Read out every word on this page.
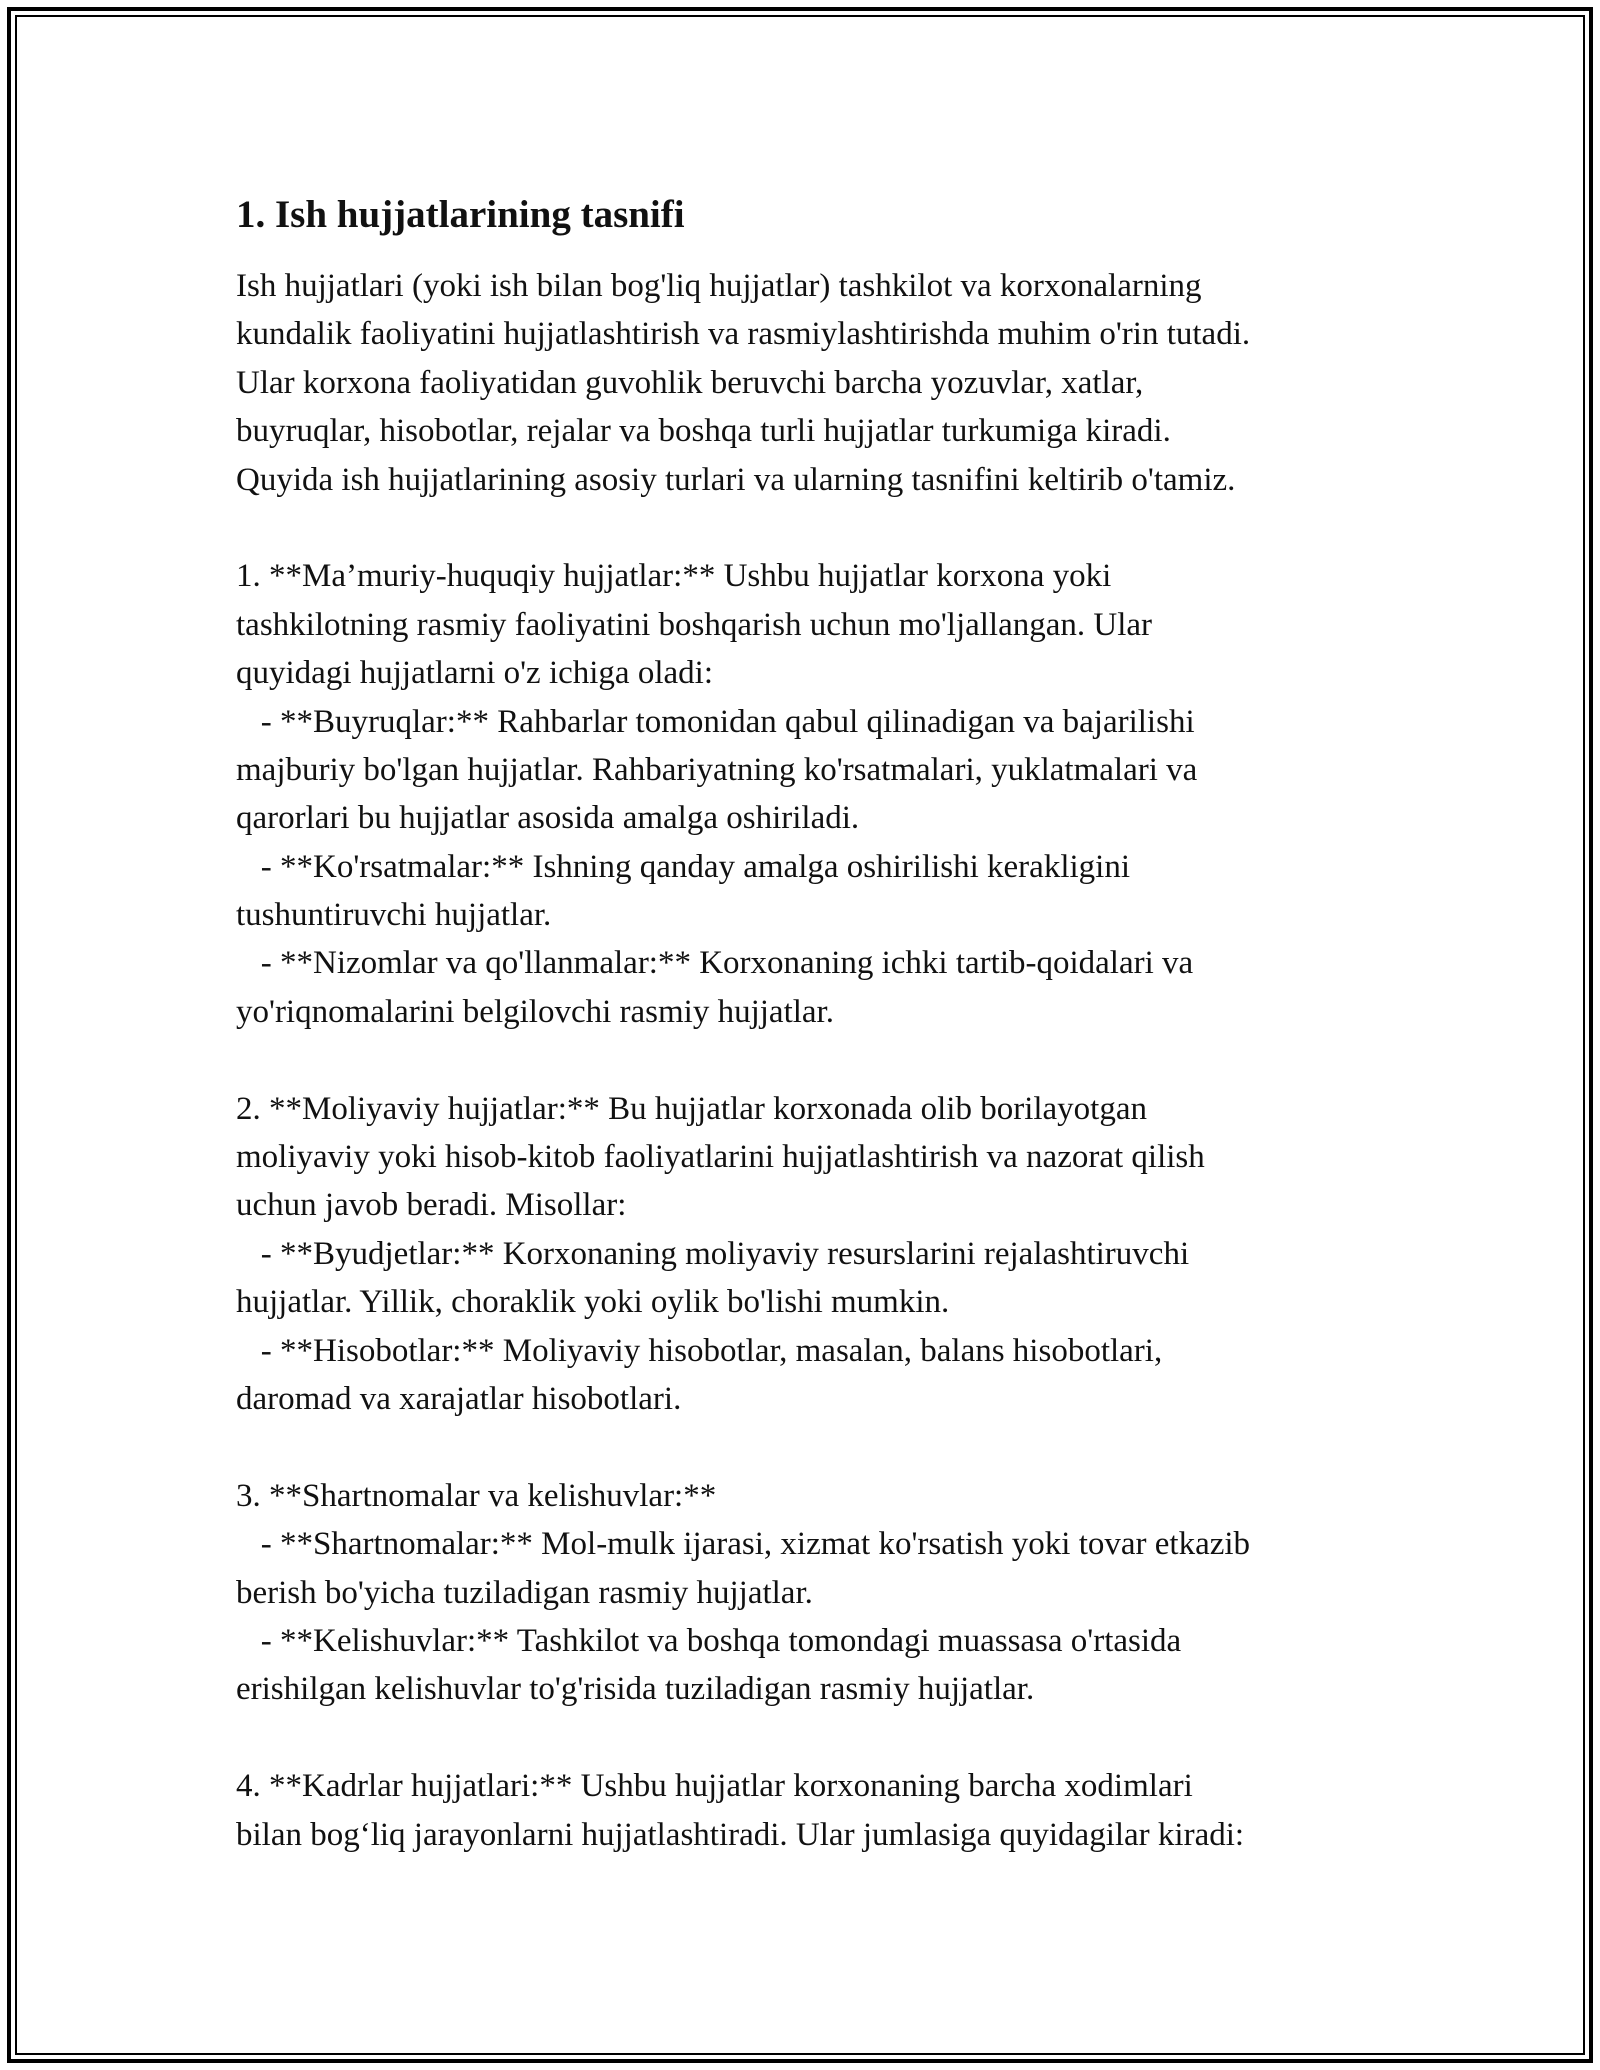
1. Ish hujjatlarining tasnifi
Ish hujjatlari (yoki ish bilan bog'liq hujjatlar) tashkilot va korxonalarning
kundalik faoliyatini hujjatlashtirish va rasmiylashtirishda muhim o'rin tutadi.
Ular korxona faoliyatidan guvohlik beruvchi barcha yozuvlar, xatlar,
buyruqlar, hisobotlar, rejalar va boshqa turli hujjatlar turkumiga kiradi.
Quyida ish hujjatlarining asosiy turlari va ularning tasnifini keltirib o'tamiz.
1. **Ma’muriy-huquqiy hujjatlar:** Ushbu hujjatlar korxona yoki
tashkilotning rasmiy faoliyatini boshqarish uchun mo'ljallangan. Ular
quyidagi hujjatlarni o'z ichiga oladi:
- **Buyruqlar:** Rahbarlar tomonidan qabul qilinadigan va bajarilishi
majburiy bo'lgan hujjatlar. Rahbariyatning ko'rsatmalari, yuklatmalari va
qarorlari bu hujjatlar asosida amalga oshiriladi.
- **Ko'rsatmalar:** Ishning qanday amalga oshirilishi kerakligini
tushuntiruvchi hujjatlar.
- **Nizomlar va qo'llanmalar:** Korxonaning ichki tartib-qoidalari va
yo'riqnomalarini belgilovchi rasmiy hujjatlar.
2. **Moliyaviy hujjatlar:** Bu hujjatlar korxonada olib borilayotgan
moliyaviy yoki hisob-kitob faoliyatlarini hujjatlashtirish va nazorat qilish
uchun javob beradi. Misollar:
- **Byudjetlar:** Korxonaning moliyaviy resurslarini rejalashtiruvchi
hujjatlar. Yillik, choraklik yoki oylik bo'lishi mumkin.
- **Hisobotlar:** Moliyaviy hisobotlar, masalan, balans hisobotlari,
daromad va xarajatlar hisobotlari.
3. **Shartnomalar va kelishuvlar:**
- **Shartnomalar:** Mol-mulk ijarasi, xizmat ko'rsatish yoki tovar etkazib
berish bo'yicha tuziladigan rasmiy hujjatlar.
- **Kelishuvlar:** Tashkilot va boshqa tomondagi muassasa o'rtasida
erishilgan kelishuvlar to'g'risida tuziladigan rasmiy hujjatlar.
4. **Kadrlar hujjatlari:** Ushbu hujjatlar korxonaning barcha xodimlari
bilan bog‘liq jarayonlarni hujjatlashtiradi. Ular jumlasiga quyidagilar kiradi:
